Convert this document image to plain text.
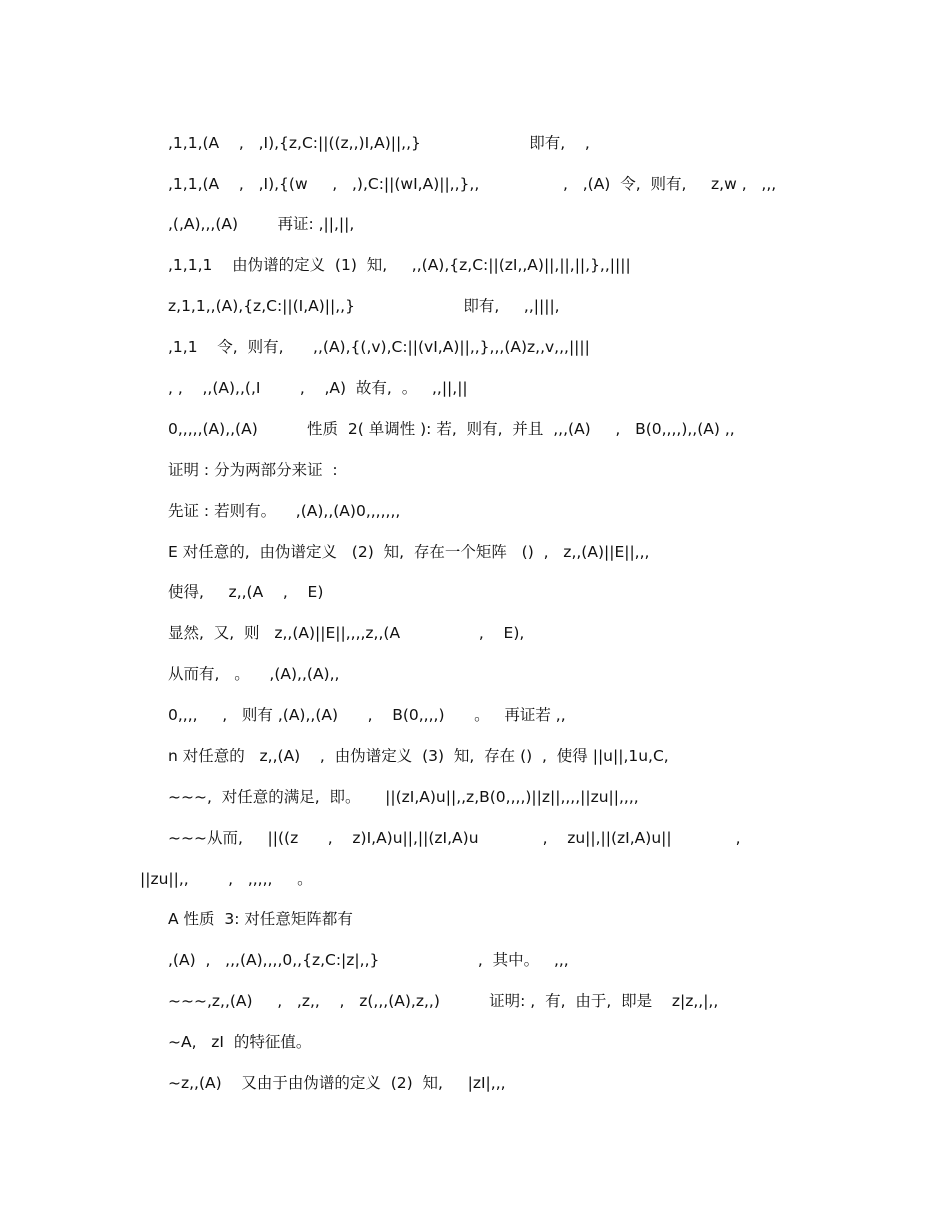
,1,1,(A    ,   ,I),{z,C:||((z,,)I,A)||,,}                      即有,    ,
,1,1,(A    ,   ,I),{(w     ,   ,),C:||(wI,A)||,,},,                 ,   ,(A)  令,  则有,     z,w ,   ,,,
,(,A),,,(A)        再证: ,||,||,
,1,1,1    由伪谱的定义  (1)  知,     ,,(A),{z,C:||(zI,,A)||,||,||,},,||||
z,1,1,,(A),{z,C:||(I,A)||,,}                      即有,     ,,||||,
,1,1    令,  则有,      ,,(A),{(,v),C:||(vI,A)||,,},,,(A)z,,v,,,||||
, ,    ,,(A),,(,I        ,    ,A)  故有,  。   ,,||,||
0,,,,,(A),,(A)          性质  2( 单调性 ): 若,  则有,  并且  ,,,(A)     ,   B(0,,,,),,(A) ,,
证明 : 分为两部分来证  :
先证 : 若则有。    ,(A),,(A)0,,,,,,,
E 对任意的,  由伪谱定义   (2)  知,  存在一个矩阵   ()  ,   z,,(A)||E||,,,
使得,     z,,(A    ,    E)
显然,  又,  则   z,,(A)||E||,,,,z,,(A                ,    E),
从而有,   。    ,(A),,(A),,
0,,,,     ,   则有 ,(A),,(A)      ,    B(0,,,,)      。   再证若 ,,
n 对任意的   z,,(A)    ,  由伪谱定义  (3)  知,  存在 ()  ,  使得 ||u||,1u,C,
~~~,  对任意的满足,  即。     ||(zI,A)u||,,z,B(0,,,,)||z||,,,,||zu||,,,,
~~~从而,     ||((z      ,    z)I,A)u||,||(zI,A)u             ,    zu||,||(zI,A)u||             ,
||zu||,,        ,   ,,,,,     。
A 性质  3: 对任意矩阵都有
,(A)  ,   ,,,(A),,,,0,,{z,C:|z|,,}                    ,  其中。   ,,,
~~~,z,,(A)     ,   ,z,,    ,   z(,,,(A),z,,)          证明: ,  有,  由于,  即是    z|z,,|,,
~A,   zI  的特征值。
~z,,(A)    又由于由伪谱的定义  (2)  知,     |zI|,,,
